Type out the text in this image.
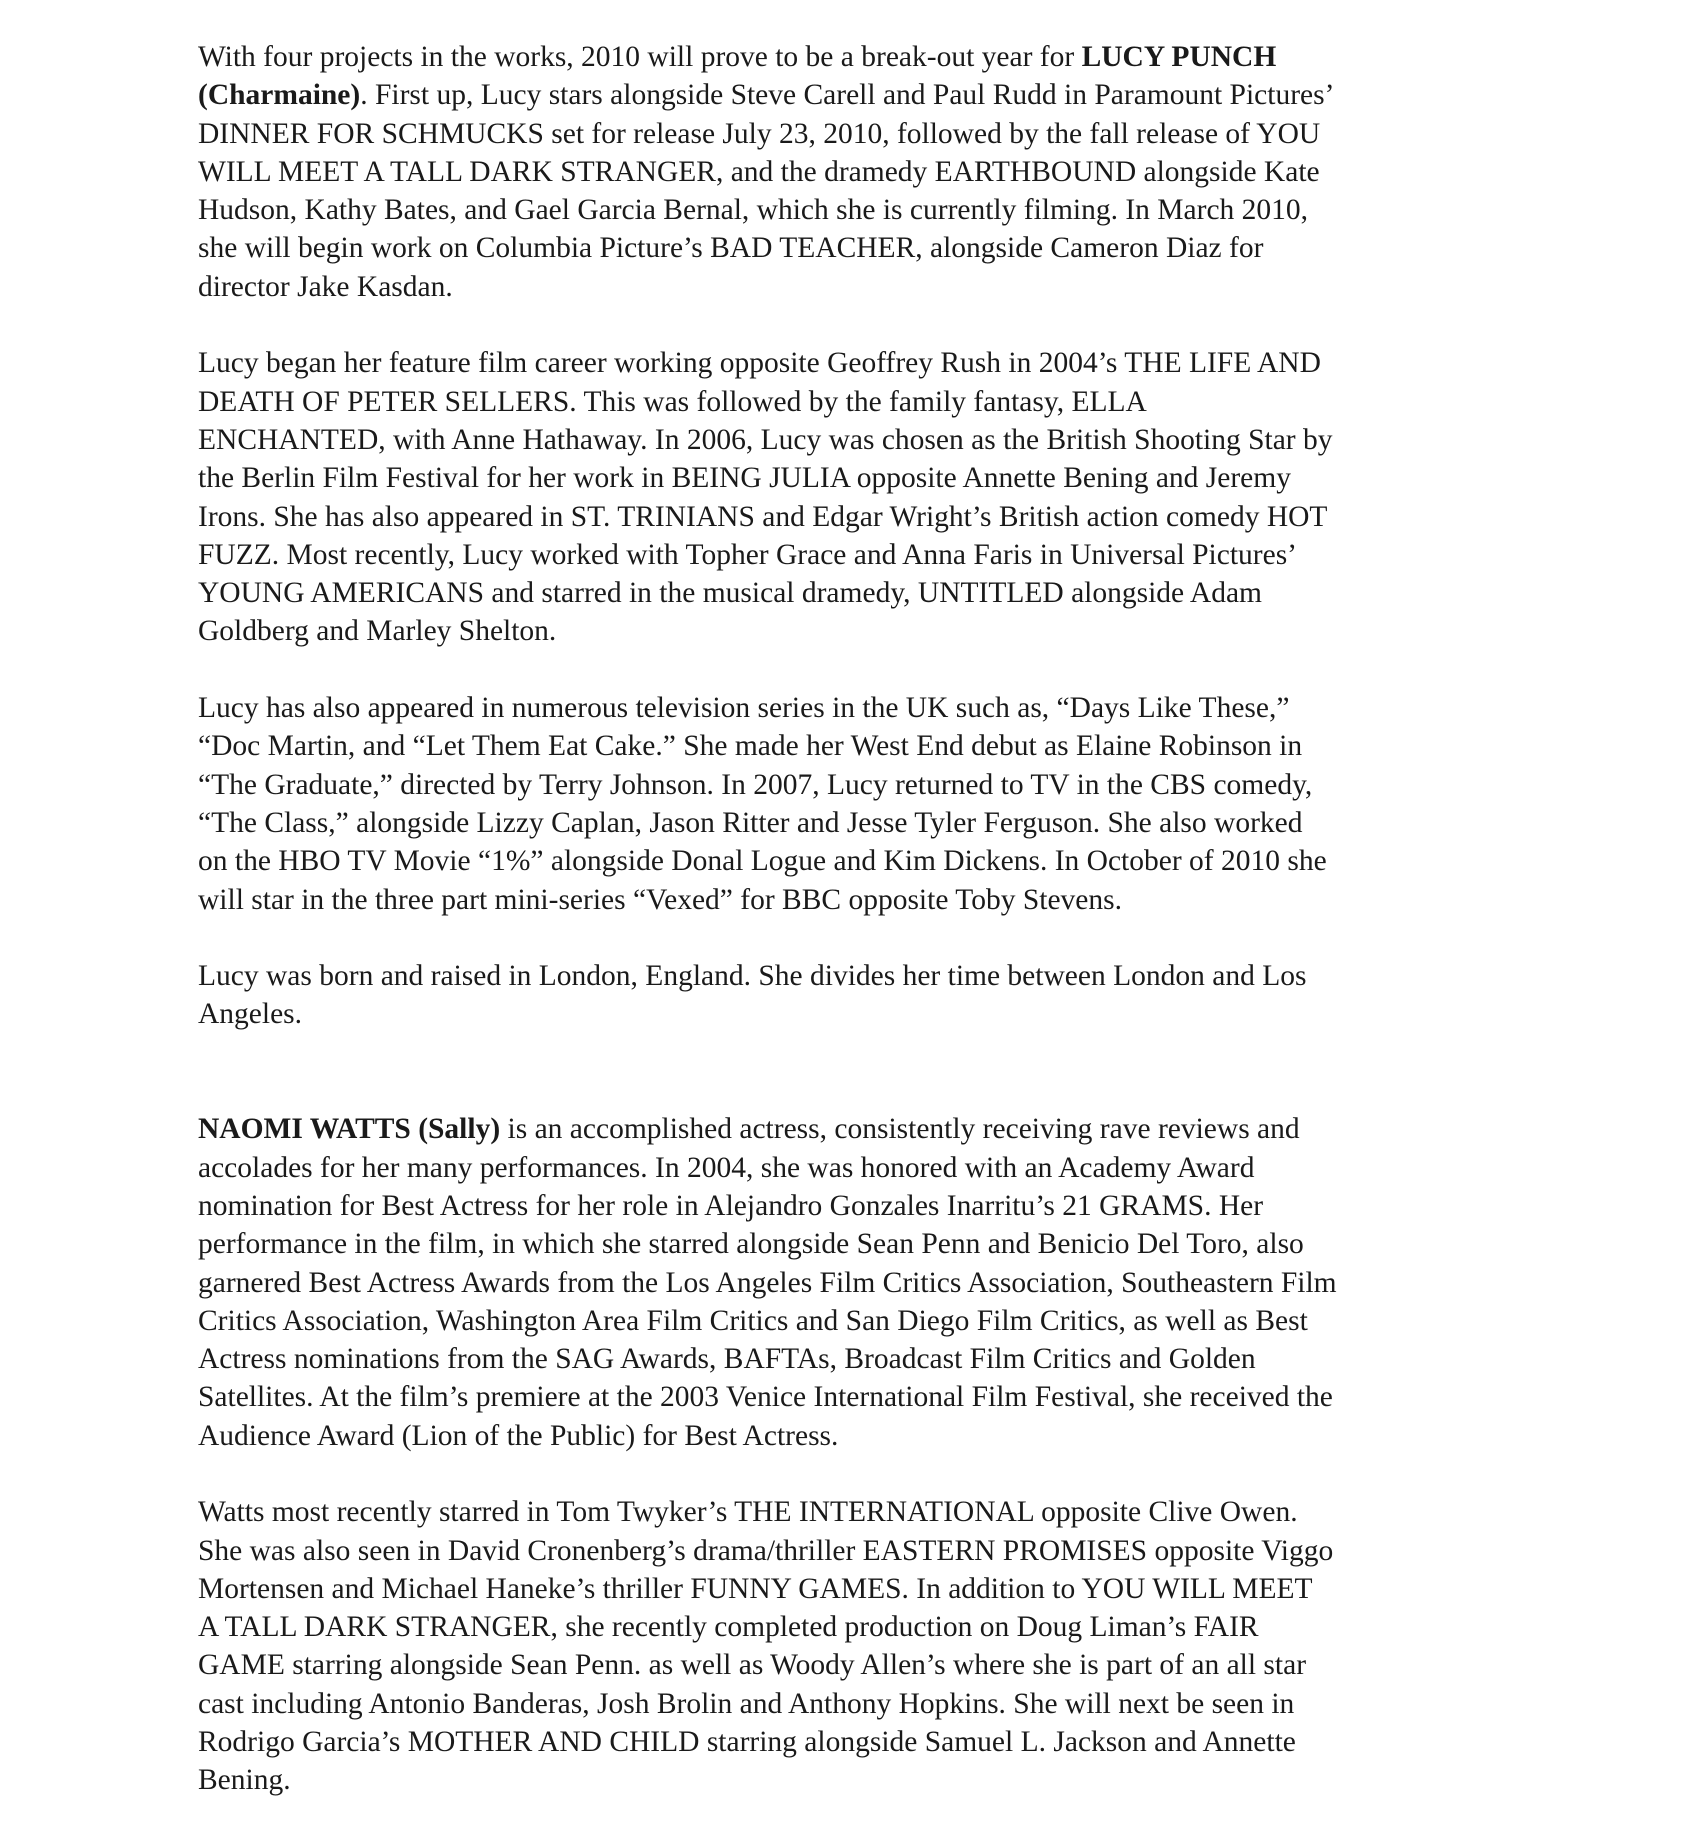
With four projects in the works, 2010 will prove to be a break-out year for LUCY PUNCH
(Charmaine). First up, Lucy stars alongside Steve Carell and Paul Rudd in Paramount Pictures’
DINNER FOR SCHMUCKS set for release July 23, 2010, followed by the fall release of YOU
WILL MEET A TALL DARK STRANGER, and the dramedy EARTHBOUND alongside Kate
Hudson, Kathy Bates, and Gael Garcia Bernal, which she is currently filming. In March 2010,
she will begin work on Columbia Picture’s BAD TEACHER, alongside Cameron Diaz for
director Jake Kasdan.

Lucy began her feature film career working opposite Geoffrey Rush in 2004’s THE LIFE AND
DEATH OF PETER SELLERS. This was followed by the family fantasy, ELLA
ENCHANTED, with Anne Hathaway. In 2006, Lucy was chosen as the British Shooting Star by
the Berlin Film Festival for her work in BEING JULIA opposite Annette Bening and Jeremy
Irons. She has also appeared in ST. TRINIANS and Edgar Wright’s British action comedy HOT
FUZZ. Most recently, Lucy worked with Topher Grace and Anna Faris in Universal Pictures’
YOUNG AMERICANS and starred in the musical dramedy, UNTITLED alongside Adam
Goldberg and Marley Shelton.

Lucy has also appeared in numerous television series in the UK such as, “Days Like These,”
“Doc Martin, and “Let Them Eat Cake.” She made her West End debut as Elaine Robinson in
“The Graduate,” directed by Terry Johnson. In 2007, Lucy returned to TV in the CBS comedy,
“The Class,” alongside Lizzy Caplan, Jason Ritter and Jesse Tyler Ferguson. She also worked
on the HBO TV Movie “1%” alongside Donal Logue and Kim Dickens. In October of 2010 she
will star in the three part mini-series “Vexed” for BBC opposite Toby Stevens.

Lucy was born and raised in London, England. She divides her time between London and Los
Angeles.

NAOMI WATTS (Sally) is an accomplished actress, consistently receiving rave reviews and
accolades for her many performances. In 2004, she was honored with an Academy Award
nomination for Best Actress for her role in Alejandro Gonzales Inarritu’s 21 GRAMS. Her
performance in the film, in which she starred alongside Sean Penn and Benicio Del Toro, also
garnered Best Actress Awards from the Los Angeles Film Critics Association, Southeastern Film
Critics Association, Washington Area Film Critics and San Diego Film Critics, as well as Best
Actress nominations from the SAG Awards, BAFTAs, Broadcast Film Critics and Golden
Satellites. At the film’s premiere at the 2003 Venice International Film Festival, she received the
Audience Award (Lion of the Public) for Best Actress.

Watts most recently starred in Tom Twyker’s THE INTERNATIONAL opposite Clive Owen.
She was also seen in David Cronenberg’s drama/thriller EASTERN PROMISES opposite Viggo
Mortensen and Michael Haneke’s thriller FUNNY GAMES. In addition to YOU WILL MEET
A TALL DARK STRANGER, she recently completed production on Doug Liman’s FAIR
GAME starring alongside Sean Penn. as well as Woody Allen’s where she is part of an all star
cast including Antonio Banderas, Josh Brolin and Anthony Hopkins. She will next be seen in
Rodrigo Garcia’s MOTHER AND CHILD starring alongside Samuel L. Jackson and Annette
Bening.
